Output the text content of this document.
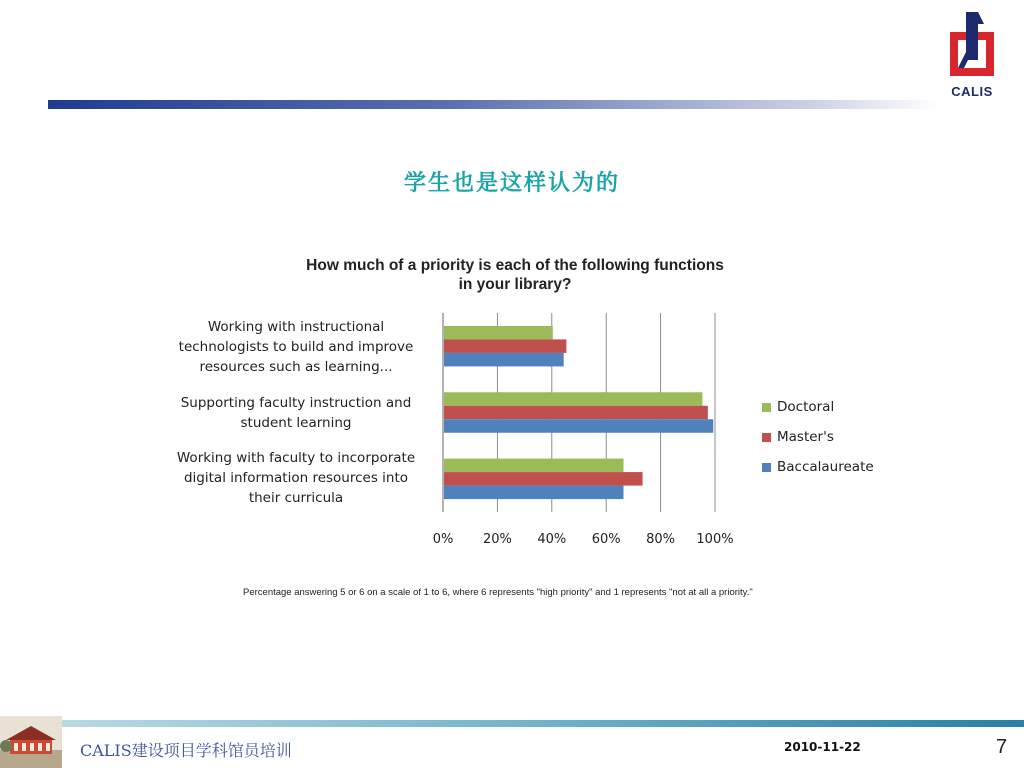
CALIS
学生也是这样认为的
How much of a priority is each of the following functions
in your library?
Working with instructional
technologists to build and improve
resources such as learning...
Supporting faculty instruction and
student learning
Working with faculty to incorporate
digital information resources into
their curricula
0% 20% 40% 60% 80% 100%
Doctoral
Master's
Baccalaureate
Percentage answering 5 or 6 on a scale of 1 to 6, where 6 represents "high priority" and 1 represents "not at all a priority."
CALIS建设项目学科馆员培训	2010-11-22	7
